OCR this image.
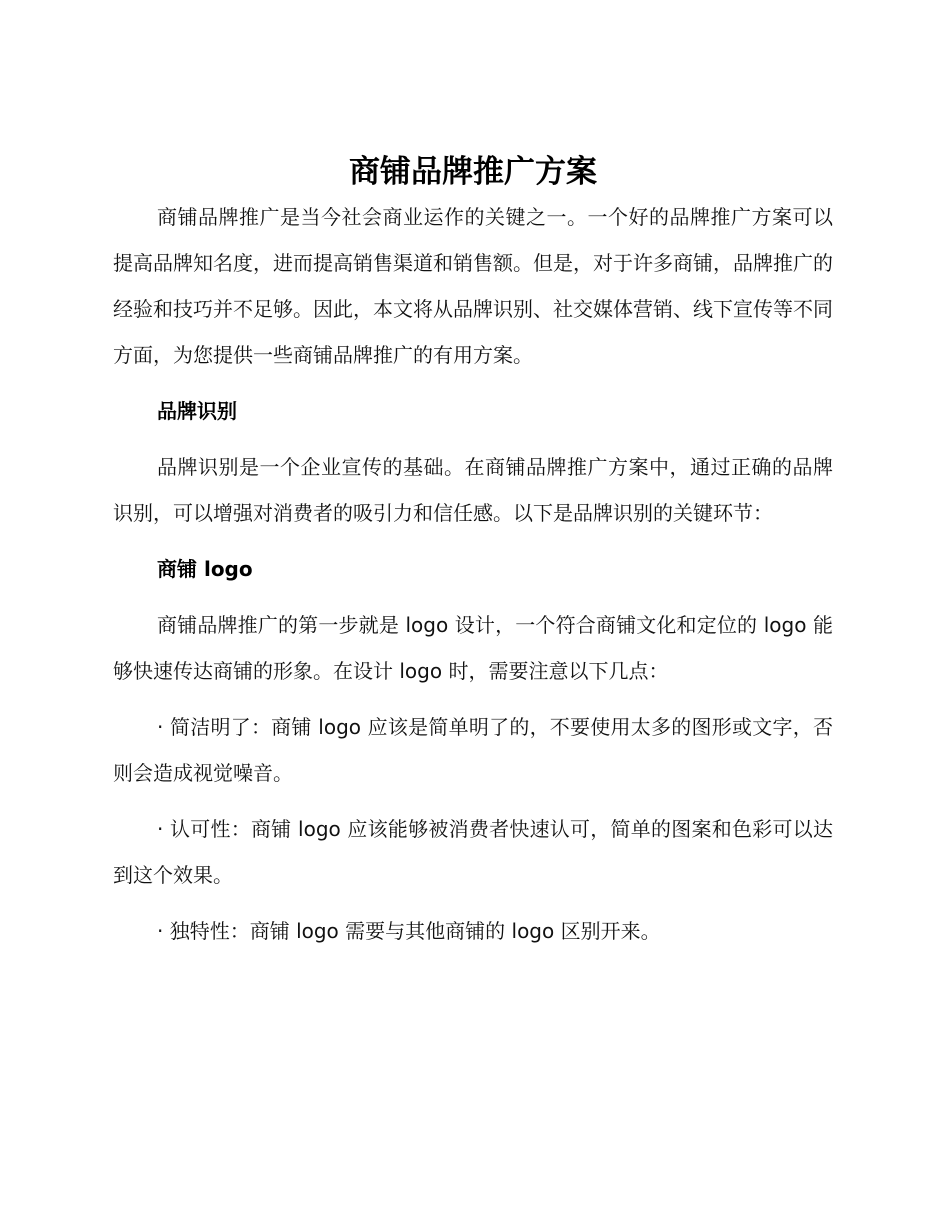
商铺品牌推广方案

商铺品牌推广是当今社会商业运作的关键之一。一个好的品牌推广方案可以提高品牌知名度，进而提高销售渠道和销售额。但是，对于许多商铺，品牌推广的经验和技巧并不足够。因此，本文将从品牌识别、社交媒体营销、线下宣传等不同方面，为您提供一些商铺品牌推广的有用方案。

品牌识别

品牌识别是一个企业宣传的基础。在商铺品牌推广方案中，通过正确的品牌识别，可以增强对消费者的吸引力和信任感。以下是品牌识别的关键环节：

商铺 logo

商铺品牌推广的第一步就是 logo 设计，一个符合商铺文化和定位的 logo 能够快速传达商铺的形象。在设计 logo 时，需要注意以下几点：

· 简洁明了：商铺 logo 应该是简单明了的，不要使用太多的图形或文字，否则会造成视觉噪音。

· 认可性：商铺 logo 应该能够被消费者快速认可，简单的图案和色彩可以达到这个效果。

· 独特性：商铺 logo 需要与其他商铺的 logo 区别开来。
